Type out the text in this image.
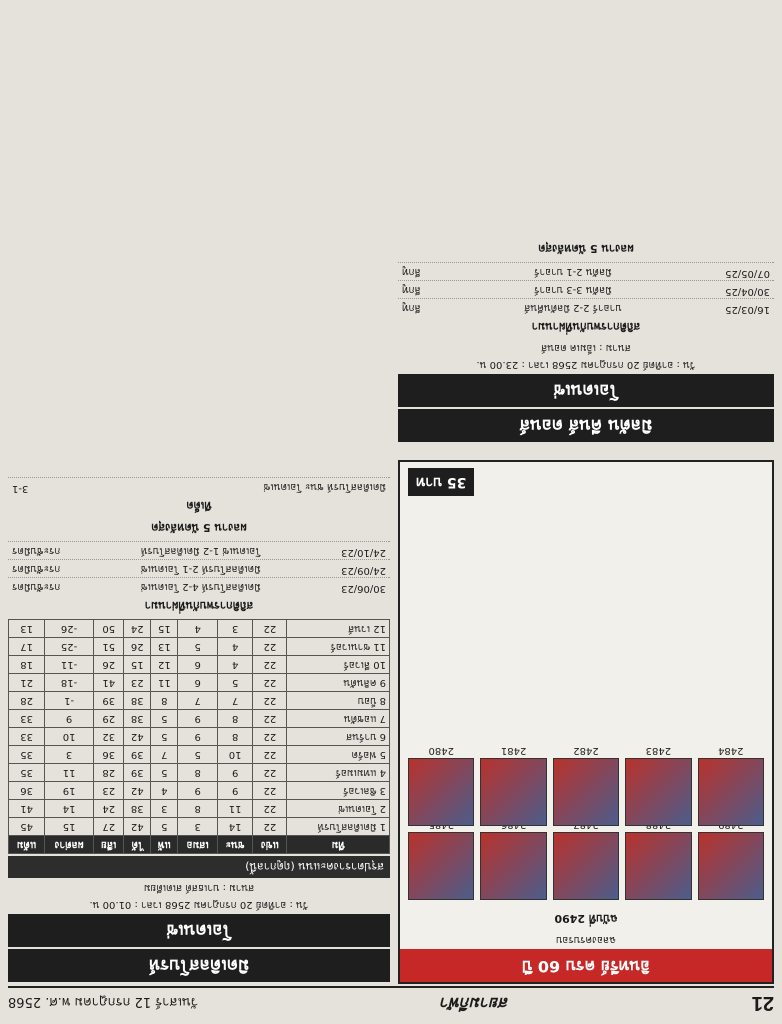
21
สยามกีฬา
วันเสาร์ 12 กรกฎาคม พ.ศ. 2568
มิดเดิลสโบรห์
โอเดนเซ่
วัน : อาทิตย์ 20 กรกฎาคม 2568 เวลา : 01.00 น.
สนาม : บาเธสต์ สเตเดียม
สรุปตารางคะแนน (ฤดูกาลนี้)
ทีม	แข่ง	ชนะ	เสมอ	แพ้	ได้	เสีย	ผลต่าง	แต้ม
1 มิดเดิลสโบรห์	22	14	3	5	42	27	15	45
2 โอเดนเซ่	22	11	8	3	38	24	14	41
3 ซิลเวอร์	22	9	9	4	42	23	19	36
4 แทมเมอร์	22	9	8	5	39	28	11	35
5 ฟอร์ด	22	10	5	7	39	36	3	35
6 บาร์นส	22	8	9	5	42	32	10	33
7 แอชตัน	22	8	9	5	38	29	9	33
8 บ็อบ	22	7	7	8	38	39	-1	28
9 คลินตัน	22	5	6	11	23	41	-18	21
10 ลีเวอร์	22	4	6	12	15	26	-11	18
11 ซานเวอร์	22	4	5	13	26	51	-25	17
12 เวนส์	22	3	4	15	24	50	-26	13
สถิติการพบกันที่ผ่านมา
30/06/23
มิดเดิลสโบรห์ 4-2 โอเดนเซ่
กระชับมิตร
24/09/23
มิดเดิลสโบรห์ 2-1 โอเดนเซ่
กระชับมิตร
24/10/23
โอเดนเซ่ 1-2 มิดเดิลสโบรห์
กระชับมิตร
ผลงาน 5 นัดหลังสุด
ทีเด็ด
มิดเดิลสโบรห์ ชนะ โอเดนเซ่
3-1
มิลตัน คีนส์ ดอนส์
โอเดนเซ่
วัน : อาทิตย์ 20 กรกฎาคม 2568 เวลา : 23.00 น.
สนาม : เอ็มเค ดอนส์
สถิติการพบกันที่ผ่านมา
16/03/25
บาอาร์ 2-2 มิลตันคีนส์
ลีกทู
30/04/25
มิลตัน 3-3 บาอาร์
ลีกทู
07/05/25
มิลตัน 2-1 บาอาร์
ลีกทู
ผลงาน 5 นัดหลังสุด
อินทรีย์ ครบ 60 ปี
ฉลองครบรอบ
ฉบับที่ 2490
2484
2483
2482
2481
2480
35 บาท
